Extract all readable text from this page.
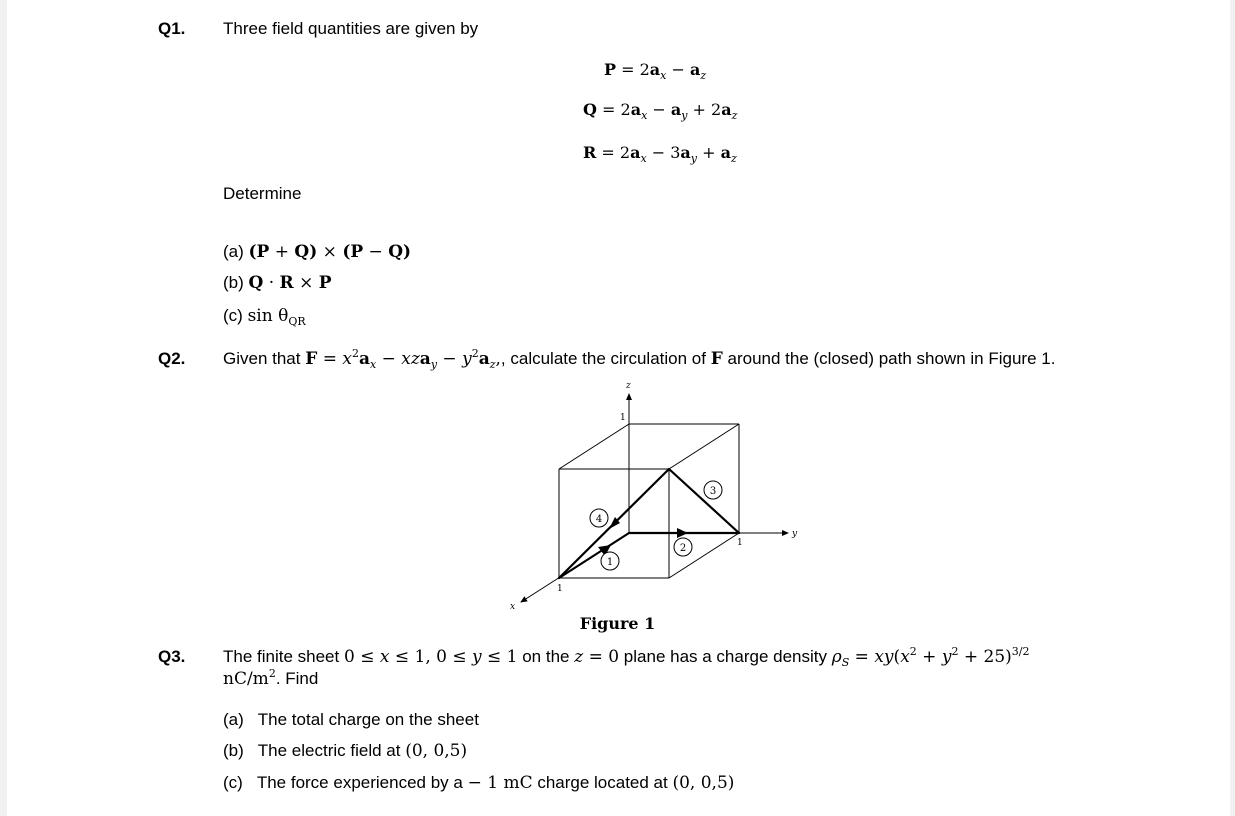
Q1. Three field quantities are given by
$P = 2a_x - a_z$
$Q = 2a_x - a_y + 2a_z$
$R = 2a_x - 3a_y + a_z$
Determine
(a) (P + Q) × (P − Q)
(b) Q · R × P
(c) $\sin \theta_{QR}$
Q2. Given that $F = x^2a_x - xza_y - y^2a_z$,, calculate the circulation of F around the (closed) path shown in Figure 1.
1
2
3
4
z
y
x
1
1
1
Figure 1
Q3. The finite sheet 0 ≤ x ≤ 1, 0 ≤ y ≤ 1 on the z = 0 plane has a charge density $\rho_S = xy(x^2 + y^2 + 25)^{3/2}$
$nC/m^2$. Find
(a) The total charge on the sheet
(b) The electric field at (0, 0,5)
(c) The force experienced by a − 1 mC charge located at (0, 0,5)
